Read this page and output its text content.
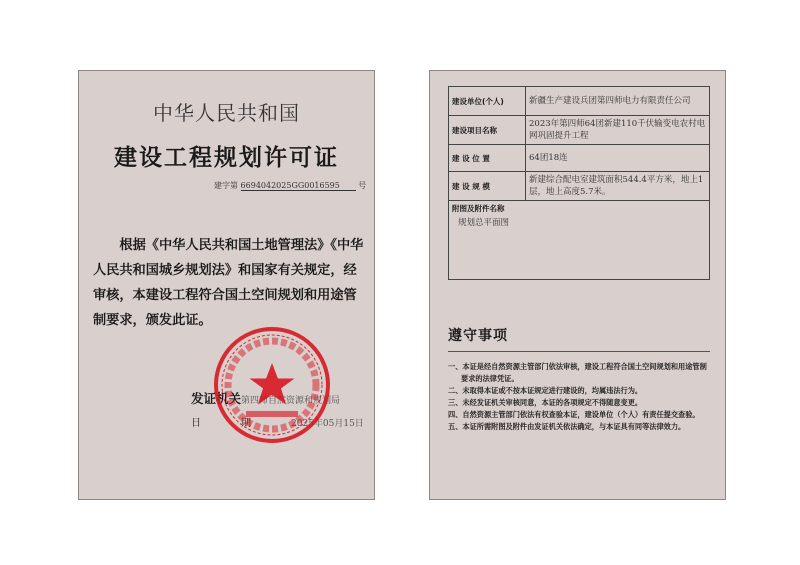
中华人民共和国
建设工程规划许可证
建字第 6694042025GG0016595 号
根据《中华人民共和国土地管理法》《中华人民共和国城乡规划法》和国家有关规定，经审核，本建设工程符合国土空间规划和用途管制要求，颁发此证。
发证机关第四师自然资源和规划局
日期2025年05月15日
建设单位(个人)	新疆生产建设兵团第四师电力有限责任公司
建设项目名称	2023年第四师64团新建110千伏输变电农村电网巩固提升工程
建 设 位 置	64团18连
建 设 规 模	新建综合配电室建筑面积544.4平方米，地上1层，地上高度5.7米。

附图及附件名称
规划总平面图	
遵守事项
一、本证是经自然资源主管部门依法审核，建设工程符合国土空间规划和用途管制要求的法律凭证。
二、未取得本证或不按本证规定进行建设的，均属违法行为。
三、未经发证机关审核同意，本证的各项规定不得随意变更。
四、自然资源主管部门依法有权查验本证，建设单位（个人）有责任提交查验。
五、本证所需附图及附件由发证机关依法确定，与本证具有同等法律效力。
